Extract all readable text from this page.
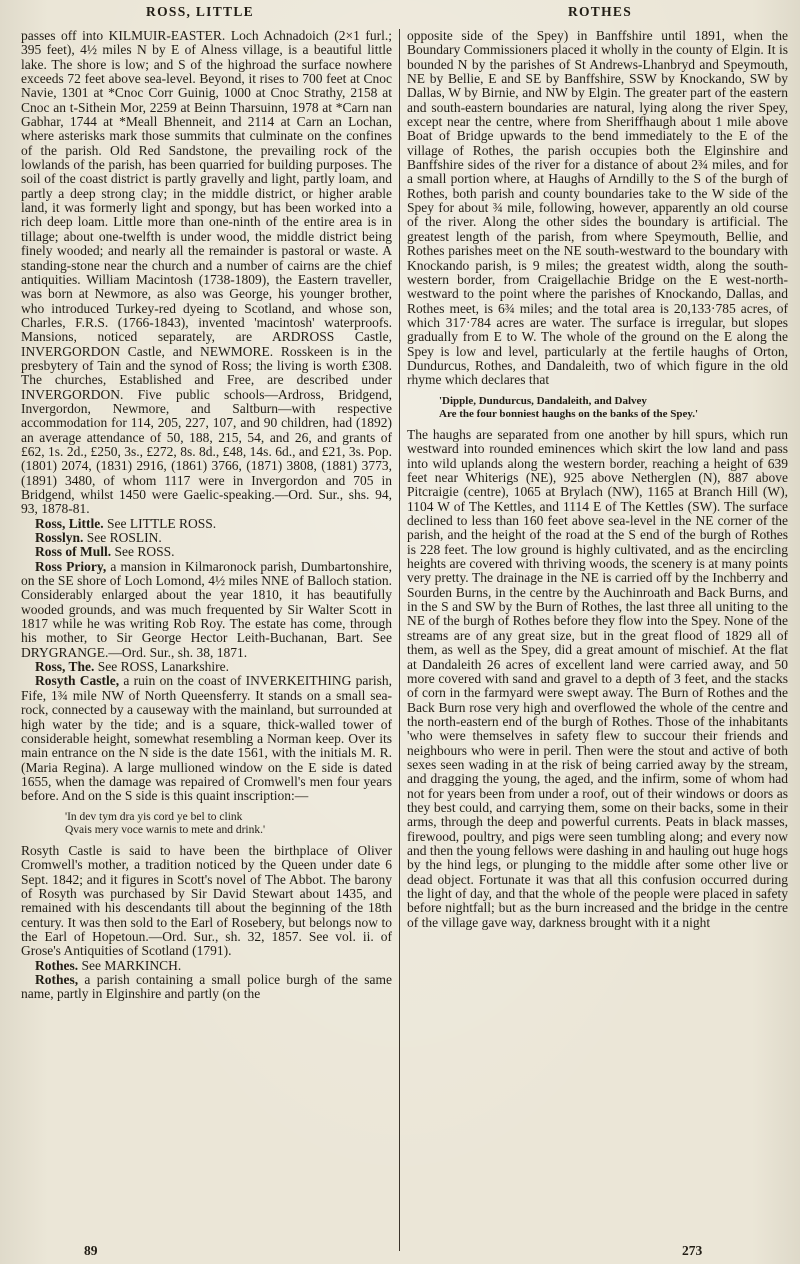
ROSS, LITTLE	ROTHES

passes off into KILMUIR-EASTER. Loch Achnadoich (2×1 furl.; 395 feet), 4½ miles N by E of Alness village, is a beautiful little lake. The shore is low; and S of the highroad the surface nowhere exceeds 72 feet above sea-level. Beyond, it rises to 700 feet at Cnoc Navie, 1301 at *Cnoc Corr Guinig, 1000 at Cnoc Strathy, 2158 at Cnoc an t-Sithein Mor, 2259 at Beinn Tharsuinn, 1978 at *Carn nan Gabhar, 1744 at *Meall Bhenneit, and 2114 at Carn an Lochan, where asterisks mark those summits that culminate on the confines of the parish. Old Red Sandstone, the prevailing rock of the lowlands of the parish, has been quarried for building purposes. The soil of the coast district is partly gravelly and light, partly loam, and partly a deep strong clay; in the middle district, or higher arable land, it was formerly light and spongy, but has been worked into a rich deep loam. Little more than one-ninth of the entire area is in tillage; about one-twelfth is under wood, the middle district being finely wooded; and nearly all the remainder is pastoral or waste. A standing-stone near the church and a number of cairns are the chief antiquities. William Macintosh (1738-1809), the Eastern traveller, was born at Newmore, as also was George, his younger brother, who introduced Turkey-red dyeing to Scotland, and whose son, Charles, F.R.S. (1766-1843), invented 'macintosh' waterproofs. Mansions, noticed separately, are ARDROSS Castle, INVERGORDON Castle, and NEWMORE. Rosskeen is in the presbytery of Tain and the synod of Ross; the living is worth £308. The churches, Established and Free, are described under INVERGORDON. Five public schools—Ardross, Bridgend, Invergordon, Newmore, and Saltburn—with respective accommodation for 114, 205, 227, 107, and 90 children, had (1892) an average attendance of 50, 188, 215, 54, and 26, and grants of £62, 1s. 2d., £250, 3s., £272, 8s. 8d., £48, 14s. 6d., and £21, 3s. Pop. (1801) 2074, (1831) 2916, (1861) 3766, (1871) 3808, (1881) 3773, (1891) 3480, of whom 1117 were in Invergordon and 705 in Bridgend, whilst 1450 were Gaelic-speaking.—Ord. Sur., shs. 94, 93, 1878-81.

Ross, Little. See LITTLE ROSS.

Rosslyn. See ROSLIN.

Ross of Mull. See ROSS.

Ross Priory, a mansion in Kilmaronock parish, Dumbartonshire, on the SE shore of Loch Lomond, 4½ miles NNE of Balloch station. Considerably enlarged about the year 1810, it has beautifully wooded grounds, and was much frequented by Sir Walter Scott in 1817 while he was writing Rob Roy. The estate has come, through his mother, to Sir George Hector Leith-Buchanan, Bart. See DRYGRANGE.—Ord. Sur., sh. 38, 1871.

Ross, The. See ROSS, Lanarkshire.

Rosyth Castle, a ruin on the coast of INVERKEITHING parish, Fife, 1¾ mile NW of North Queensferry. It stands on a small sea-rock, connected by a causeway with the mainland, but surrounded at high water by the tide; and is a square, thick-walled tower of considerable height, somewhat resembling a Norman keep. Over its main entrance on the N side is the date 1561, with the initials M. R. (Maria Regina). A large mullioned window on the E side is dated 1655, when the damage was repaired of Cromwell's men four years before. And on the S side is this quaint inscription:—

'In dev tym dra yis cord ye bel to clink
Qvais mery voce warnis to mete and drink.'

Rosyth Castle is said to have been the birthplace of Oliver Cromwell's mother, a tradition noticed by the Queen under date 6 Sept. 1842; and it figures in Scott's novel of The Abbot. The barony of Rosyth was purchased by Sir David Stewart about 1435, and remained with his descendants till about the beginning of the 18th century. It was then sold to the Earl of Rosebery, but belongs now to the Earl of Hopetoun.—Ord. Sur., sh. 32, 1857. See vol. ii. of Grose's Antiquities of Scotland (1791).

Rothes. See MARKINCH.

Rothes, a parish containing a small police burgh of the same name, partly in Elginshire and partly (on the

opposite side of the Spey) in Banffshire until 1891, when the Boundary Commissioners placed it wholly in the county of Elgin. It is bounded N by the parishes of St Andrews-Lhanbryd and Speymouth, NE by Bellie, E and SE by Banffshire, SSW by Knockando, SW by Dallas, W by Birnie, and NW by Elgin. The greater part of the eastern and south-eastern boundaries are natural, lying along the river Spey, except near the centre, where from Sheriffhaugh about 1 mile above Boat of Bridge upwards to the bend immediately to the E of the village of Rothes, the parish occupies both the Elginshire and Banffshire sides of the river for a distance of about 2¾ miles, and for a small portion where, at Haughs of Arndilly to the S of the burgh of Rothes, both parish and county boundaries take to the W side of the Spey for about ¾ mile, following, however, apparently an old course of the river. Along the other sides the boundary is artificial. The greatest length of the parish, from where Speymouth, Bellie, and Rothes parishes meet on the NE south-westward to the boundary with Knockando parish, is 9 miles; the greatest width, along the south-western border, from Craigellachie Bridge on the E west-north-westward to the point where the parishes of Knockando, Dallas, and Rothes meet, is 6¾ miles; and the total area is 20,133·785 acres, of which 317·784 acres are water. The surface is irregular, but slopes gradually from E to W. The whole of the ground on the E along the Spey is low and level, particularly at the fertile haughs of Orton, Dundurcus, Rothes, and Dandaleith, two of which figure in the old rhyme which declares that

'Dipple, Dundurcus, Dandaleith, and Dalvey
Are the four bonniest haughs on the banks of the Spey.'

The haughs are separated from one another by hill spurs, which run westward into rounded eminences which skirt the low land and pass into wild uplands along the western border, reaching a height of 639 feet near Whiterigs (NE), 925 above Netherglen (N), 887 above Pitcraigie (centre), 1065 at Brylach (NW), 1165 at Branch Hill (W), 1104 W of The Kettles, and 1114 E of The Kettles (SW). The surface declined to less than 160 feet above sea-level in the NE corner of the parish, and the height of the road at the S end of the burgh of Rothes is 228 feet. The low ground is highly cultivated, and as the encircling heights are covered with thriving woods, the scenery is at many points very pretty. The drainage in the NE is carried off by the Inchberry and Sourden Burns, in the centre by the Auchinroath and Back Burns, and in the S and SW by the Burn of Rothes, the last three all uniting to the NE of the burgh of Rothes before they flow into the Spey. None of the streams are of any great size, but in the great flood of 1829 all of them, as well as the Spey, did a great amount of mischief. At the flat at Dandaleith 26 acres of excellent land were carried away, and 50 more covered with sand and gravel to a depth of 3 feet, and the stacks of corn in the farmyard were swept away. The Burn of Rothes and the Back Burn rose very high and overflowed the whole of the centre and the north-eastern end of the burgh of Rothes. Those of the inhabitants 'who were themselves in safety flew to succour their friends and neighbours who were in peril. Then were the stout and active of both sexes seen wading in at the risk of being carried away by the stream, and dragging the young, the aged, and the infirm, some of whom had not for years been from under a roof, out of their windows or doors as they best could, and carrying them, some on their backs, some in their arms, through the deep and powerful currents. Peats in black masses, firewood, poultry, and pigs were seen tumbling along; and every now and then the young fellows were dashing in and hauling out huge hogs by the hind legs, or plunging to the middle after some other live or dead object. Fortunate it was that all this confusion occurred during the light of day, and that the whole of the people were placed in safety before nightfall; but as the burn increased and the bridge in the centre of the village gave way, darkness brought with it a night

89	273
